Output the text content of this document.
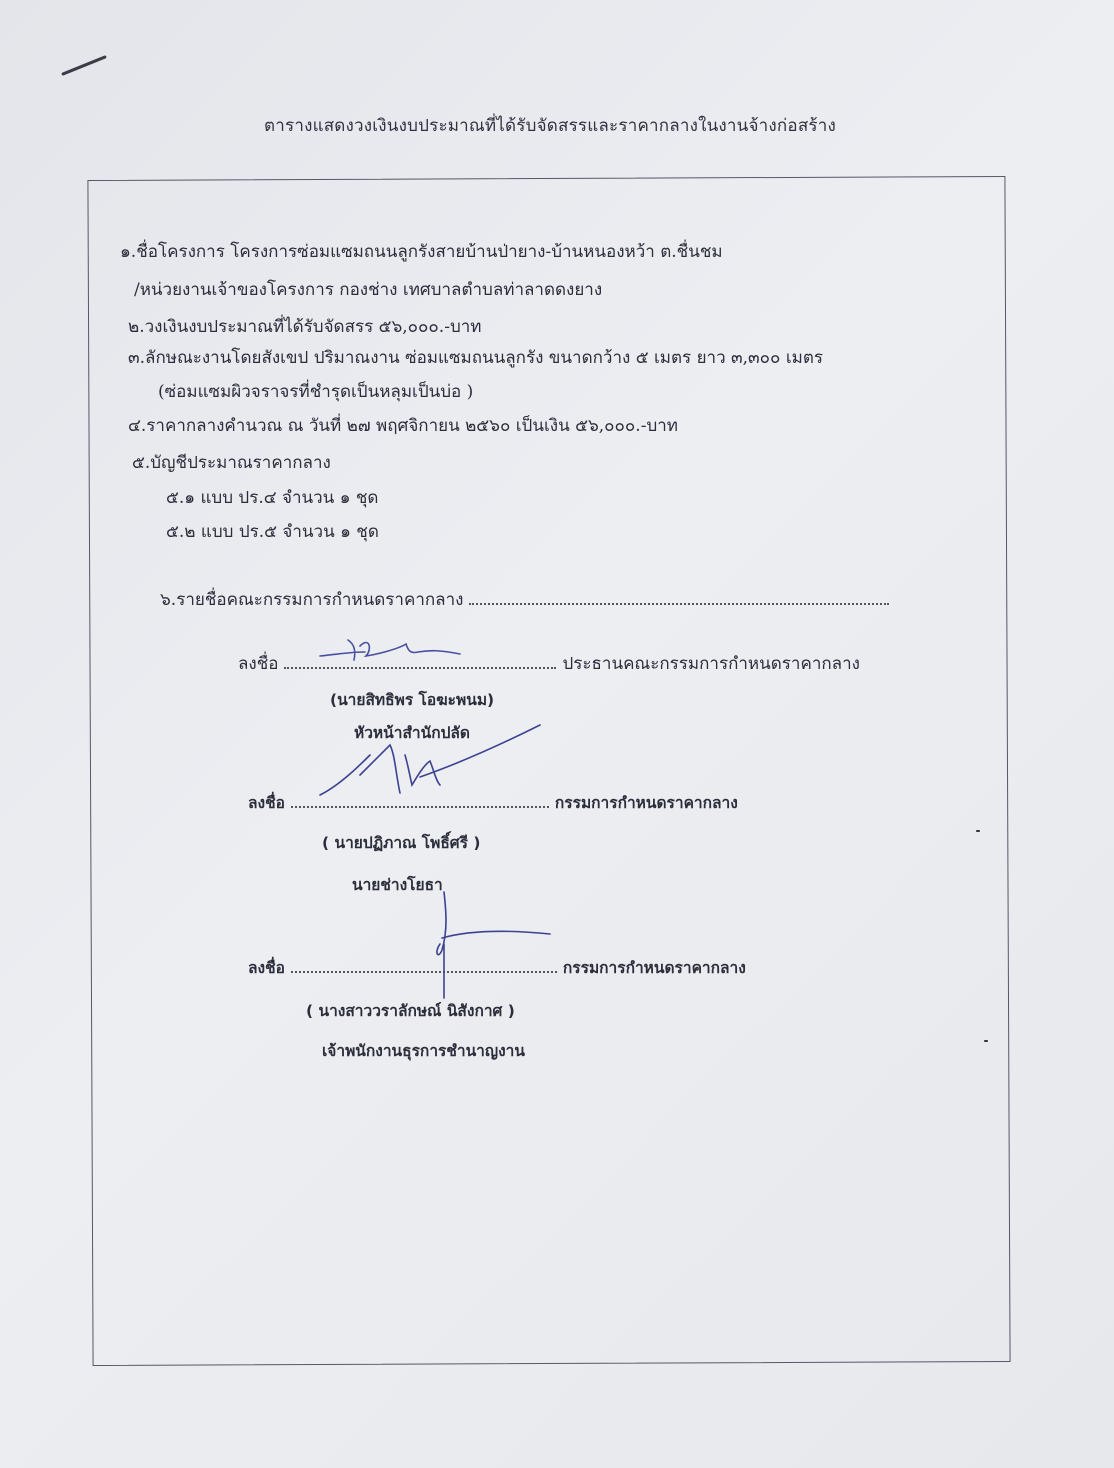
ตารางแสดงวงเงินงบประมาณที่ได้รับจัดสรรและราคากลางในงานจ้างก่อสร้าง
๑.ชื่อโครงการ โครงการซ่อมแซมถนนลูกรังสายบ้านป่ายาง-บ้านหนองหว้า ต.ชื่นชม
/หน่วยงานเจ้าของโครงการ กองช่าง เทศบาลตำบลท่าลาดดงยาง
๒.วงเงินงบประมาณที่ได้รับจัดสรร ๕๖,๐๐๐.-บาท
๓.ลักษณะงานโดยสังเขป ปริมาณงาน ซ่อมแซมถนนลูกรัง ขนาดกว้าง ๕ เมตร ยาว ๓,๓๐๐ เมตร
(ซ่อมแซมผิวจราจรที่ชำรุดเป็นหลุมเป็นบ่อ )
๔.ราคากลางคำนวณ ณ วันที่ ๒๗ พฤศจิกายน ๒๕๖๐ เป็นเงิน ๕๖,๐๐๐.-บาท
๕.บัญชีประมาณราคากลาง
๕.๑ แบบ ปร.๔ จำนวน ๑ ชุด
๕.๒ แบบ ปร.๕ จำนวน ๑ ชุด
๖.รายชื่อคณะกรรมการกำหนดราคากลาง
ลงชื่อ	ประธานคณะกรรมการกำหนดราคากลาง
(นายสิทธิพร โอฆะพนม)
หัวหน้าสำนักปลัด
ลงชื่อ	กรรมการกำหนดราคากลาง
( นายปฏิภาณ โพธิ์ศรี )
นายช่างโยธา
ลงชื่อ	กรรมการกำหนดราคากลาง
( นางสาววราลักษณ์ นิสังกาศ )
เจ้าพนักงานธุรการชำนาญงาน
